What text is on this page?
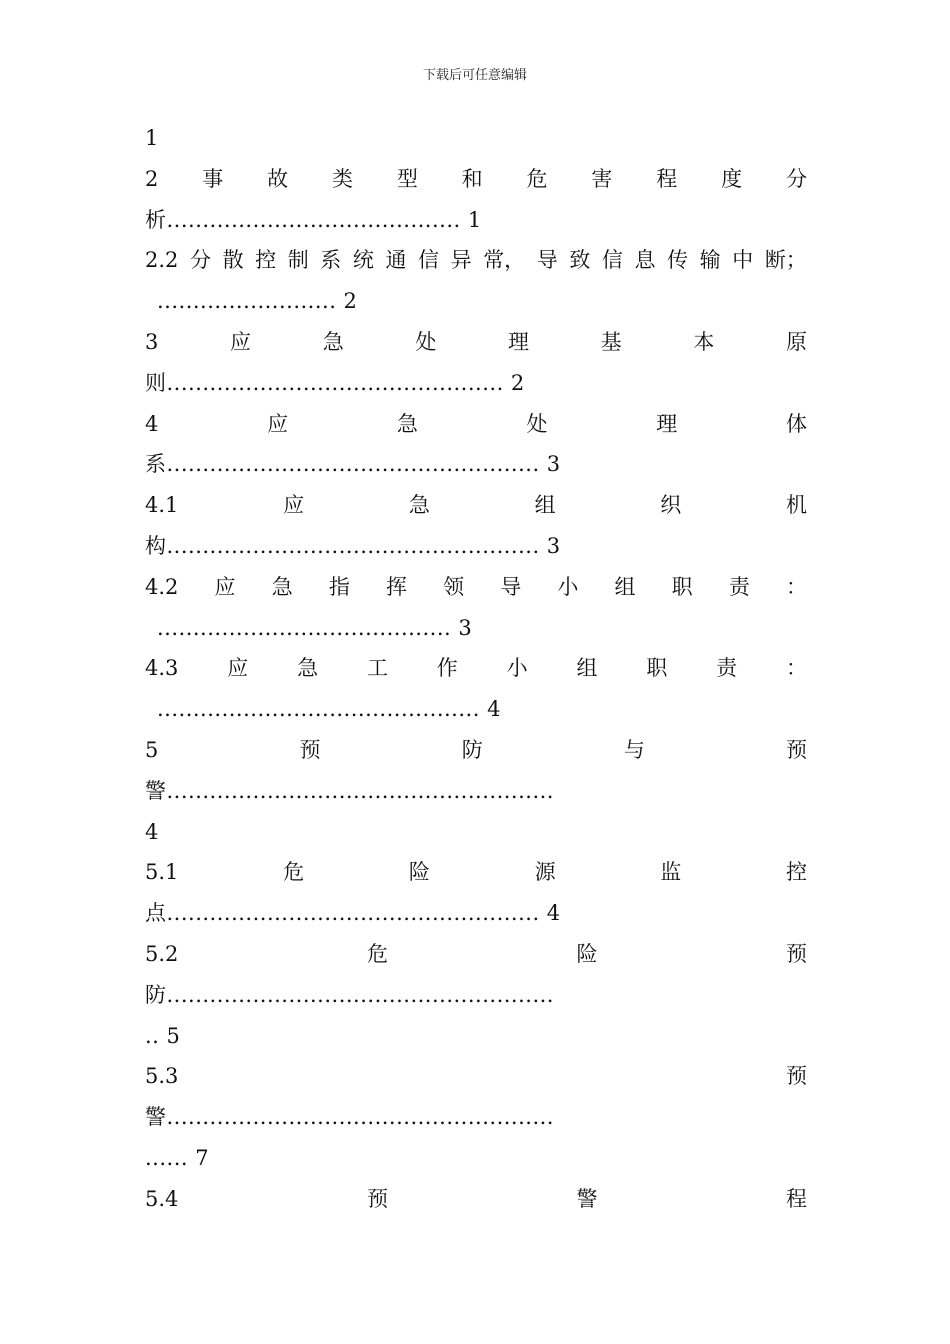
下载后可任意编辑
1
2 事 故 类 型 和 危 害 程 度 分
析......................................... 1
2.2 分 散 控 制 系 统 通 信 异 常， 导 致 信 息 传 输 中 断；
......................... 2
3	应	急	处	理	基	本	原
则............................................... 2
4	应	急	处	理	体
系.................................................... 3
4.1	应	急	组	织	机
构.................................................... 3
4.2 应 急 指 挥 领 导 小 组 职 责 ：
......................................... 3
4.3 应 急 工 作 小 组 职 责 ：
............................................. 4
5	预	防	与	预
警......................................................
4
5.1	危	险	源	监	控
点.................................................... 4
5.2	危	险	预
防......................................................
.. 5
5.3	预
警......................................................
...... 7
5.4	预	警	程
